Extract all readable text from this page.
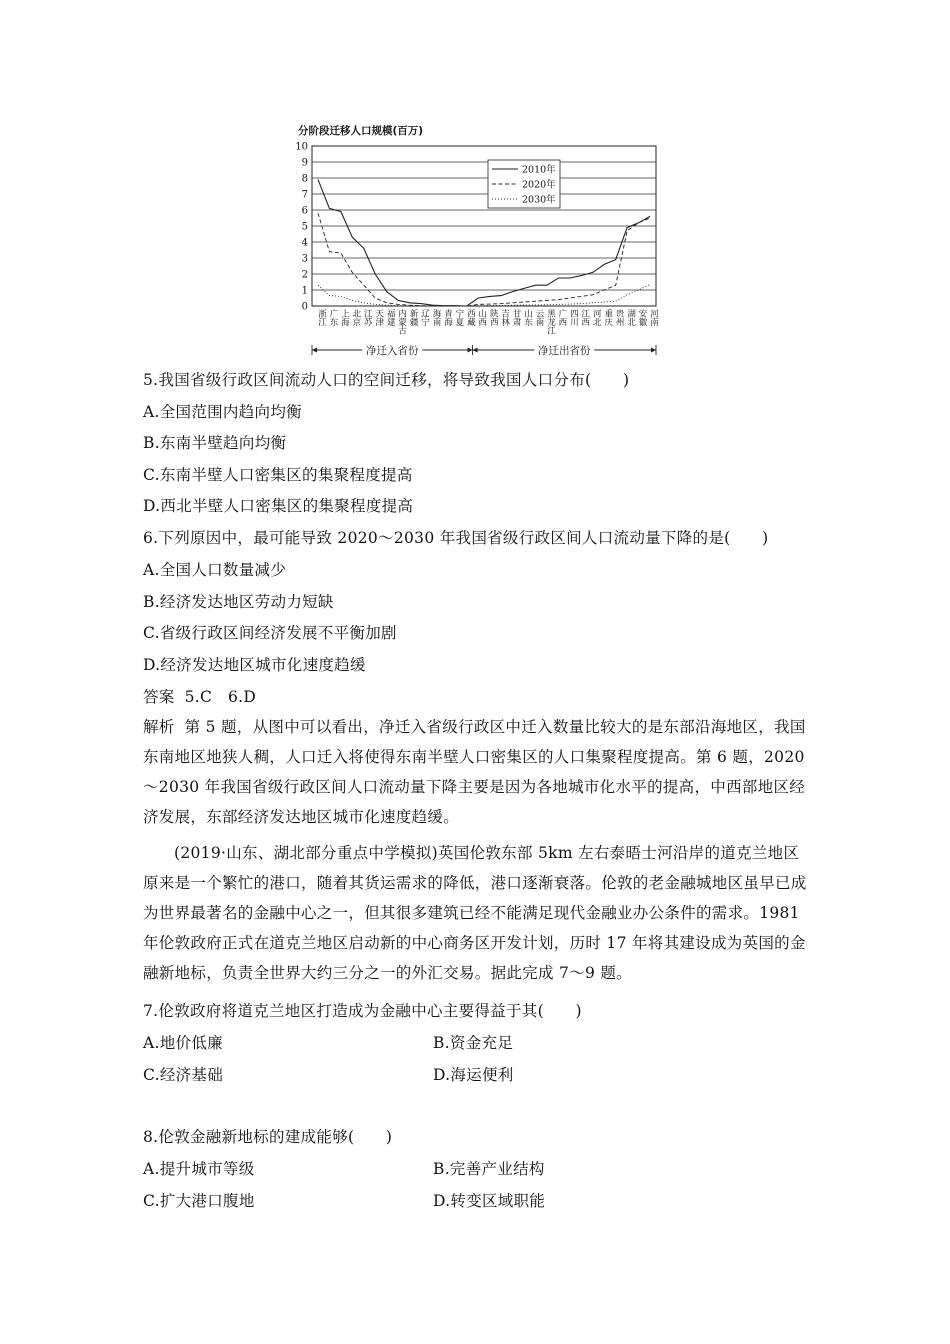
分阶段迁移人口规模(百万)
0
1
2
3
4
5
6
7
8
9
10
浙江 广东 上海 北京 江苏 天津 福建 内蒙古 新疆 辽宁 海南 青海 宁夏 西藏 山西 陕西 吉林 甘肃 山东 云南 黑龙江 广西 四川 江西 河北 重庆 贵州 湖北 安徽 河南
2010年
2020年
2030年
净迁入省份	净迁出省份
5.我国省级行政区间流动人口的空间迁移，将导致我国人口分布(　　)
A.全国范围内趋向均衡
B.东南半壁趋向均衡
C.东南半壁人口密集区的集聚程度提高
D.西北半壁人口密集区的集聚程度提高
6.下列原因中，最可能导致 2020～2030 年我国省级行政区间人口流动量下降的是(　　)
A.全国人口数量减少
B.经济发达地区劳动力短缺
C.省级行政区间经济发展不平衡加剧
D.经济发达地区城市化速度趋缓
答案 5.C　6.D

解析 第 5 题，从图中可以看出，净迁入省级行政区中迁入数量比较大的是东部沿海地区，我国东南地区地狭人稠，人口迁入将使得东南半壁人口密集区的人口集聚程度提高。第 6 题，2020～2030 年我国省级行政区间人口流动量下降主要是因为各地城市化水平的提高，中西部地区经济发展，东部经济发达地区城市化速度趋缓。

(2019·山东、湖北部分重点中学模拟)英国伦敦东部 5km 左右泰晤士河沿岸的道克兰地区原来是一个繁忙的港口，随着其货运需求的降低，港口逐渐衰落。伦敦的老金融城地区虽早已成为世界最著名的金融中心之一，但其很多建筑已经不能满足现代金融业办公条件的需求。1981 年伦敦政府正式在道克兰地区启动新的中心商务区开发计划，历时 17 年将其建设成为英国的金融新地标，负责全世界大约三分之一的外汇交易。据此完成 7～9 题。

7.伦敦政府将道克兰地区打造成为金融中心主要得益于其(　　)
A.地价低廉	B.资金充足
C.经济基础	D.海运便利
8.伦敦金融新地标的建成能够(　　)
A.提升城市等级	B.完善产业结构
C.扩大港口腹地	D.转变区域职能
